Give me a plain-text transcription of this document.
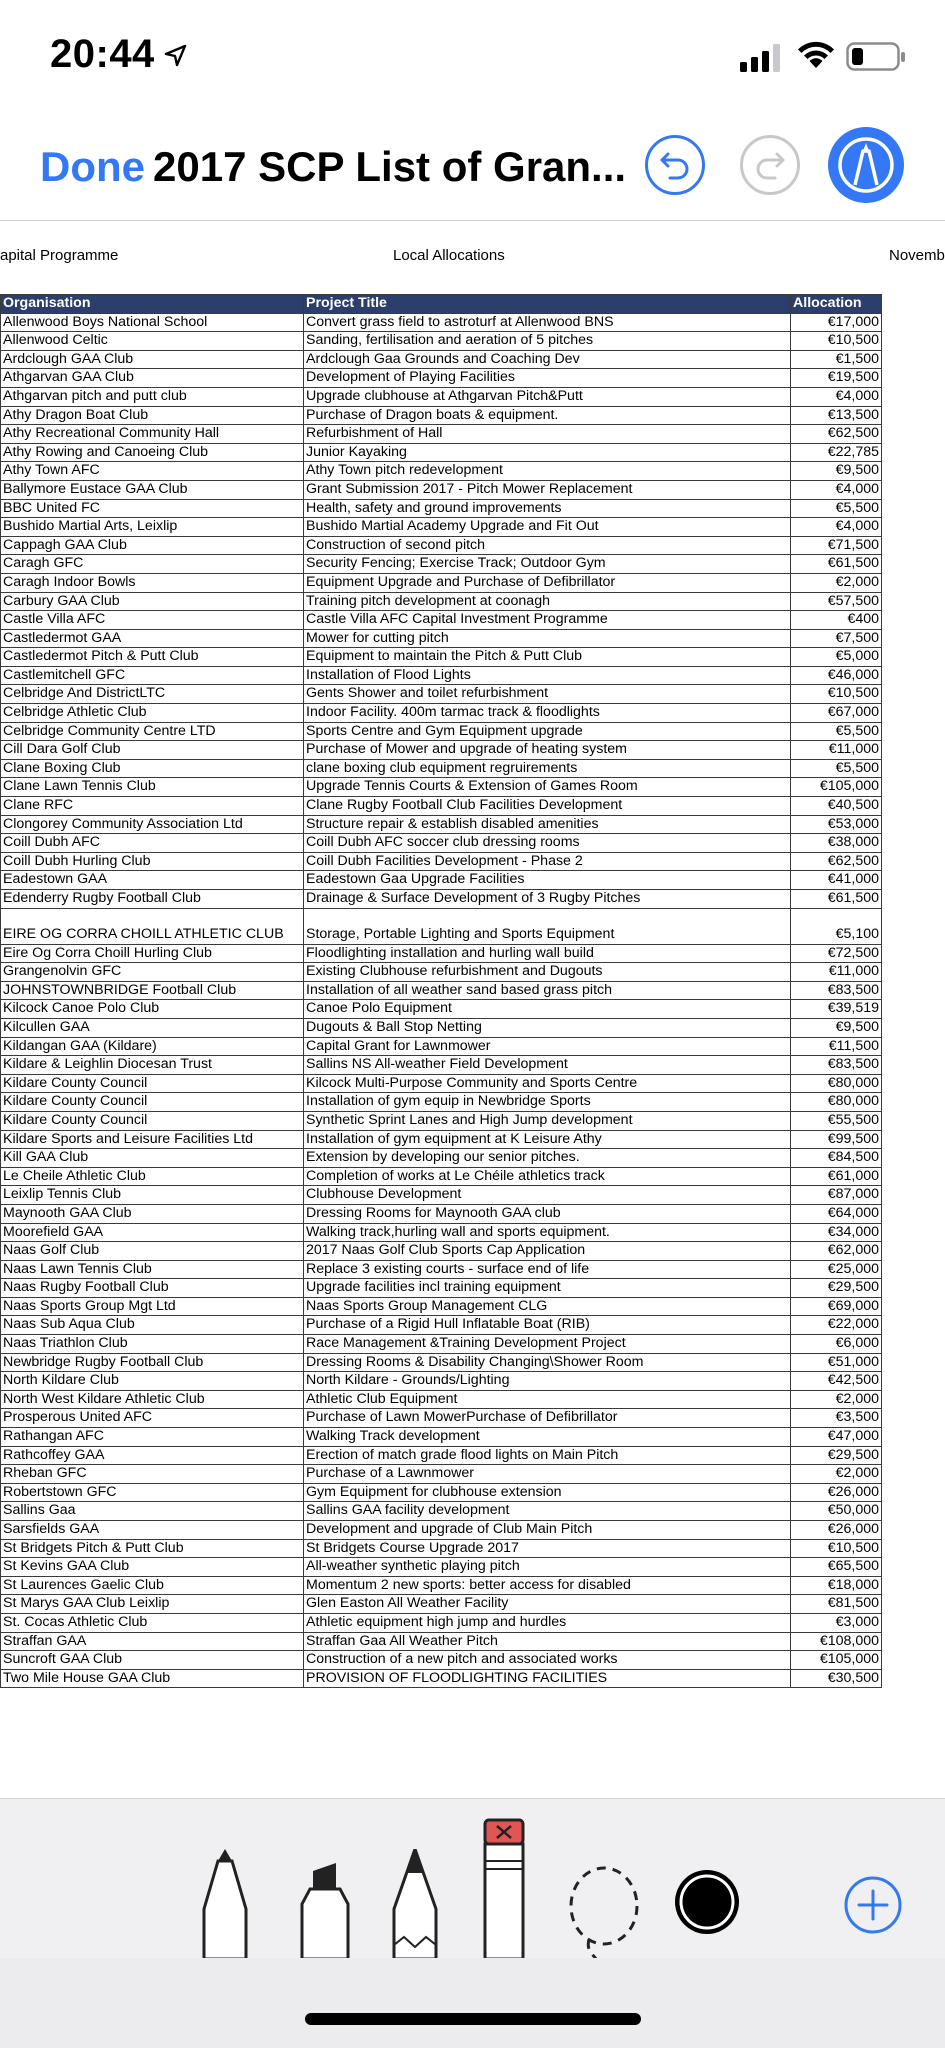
20:44
Done 2017 SCP List of Gran...
apital Programme	Local Allocations	Novemb
Organisation	Project Title	Allocation
Allenwood Boys National School	Convert grass field to astroturf at Allenwood BNS	€17,000
Allenwood Celtic	Sanding, fertilisation and aeration of 5 pitches	€10,500
Ardclough GAA Club	Ardclough Gaa Grounds and Coaching Dev	€1,500
Athgarvan GAA Club	Development of Playing Facilities	€19,500
Athgarvan pitch and putt club	Upgrade clubhouse at Athgarvan Pitch&Putt	€4,000
Athy Dragon Boat Club	Purchase of Dragon boats & equipment.	€13,500
Athy Recreational Community Hall	Refurbishment of Hall	€62,500
Athy Rowing and Canoeing Club	Junior Kayaking	€22,785
Athy Town AFC	Athy Town pitch redevelopment	€9,500
Ballymore Eustace GAA Club	Grant Submission 2017 - Pitch Mower Replacement	€4,000
BBC United FC	Health, safety and ground improvements	€5,500
Bushido Martial Arts, Leixlip	Bushido Martial Academy Upgrade and Fit Out	€4,000
Cappagh GAA Club	Construction of second pitch	€71,500
Caragh GFC	Security Fencing; Exercise Track; Outdoor Gym	€61,500
Caragh Indoor Bowls	Equipment Upgrade and Purchase of Defibrillator	€2,000
Carbury GAA Club	Training pitch development at coonagh	€57,500
Castle Villa AFC	Castle Villa AFC Capital Investment Programme	€400
Castledermot GAA	Mower for cutting pitch	€7,500
Castledermot Pitch & Putt Club	Equipment to maintain the Pitch & Putt Club	€5,000
Castlemitchell GFC	Installation of Flood Lights	€46,000
Celbridge And DistrictLTC	Gents Shower and toilet refurbishment	€10,500
Celbridge Athletic Club	Indoor Facility. 400m tarmac track & floodlights	€67,000
Celbridge Community Centre LTD	Sports Centre and Gym Equipment upgrade	€5,500
Cill Dara Golf Club	Purchase of Mower and upgrade of heating system	€11,000
Clane Boxing Club	clane boxing club equipment regruirements	€5,500
Clane Lawn Tennis Club	Upgrade Tennis Courts & Extension of Games Room	€105,000
Clane RFC	Clane Rugby Football Club Facilities Development	€40,500
Clongorey Community Association Ltd	Structure repair & establish disabled amenities	€53,000
Coill Dubh AFC	Coill Dubh AFC soccer club dressing rooms	€38,000
Coill Dubh Hurling Club	Coill Dubh Facilities Development - Phase 2	€62,500
Eadestown GAA	Eadestown Gaa Upgrade Facilities	€41,000
Edenderry Rugby Football Club	Drainage & Surface Development of 3 Rugby Pitches	€61,500
EIRE OG CORRA CHOILL ATHLETIC CLUB	Storage, Portable Lighting and Sports Equipment	€5,100
Eire Og Corra Choill Hurling Club	Floodlighting installation and hurling wall build	€72,500
Grangenolvin GFC	Existing Clubhouse refurbishment and Dugouts	€11,000
JOHNSTOWNBRIDGE Football Club	Installation of all weather sand based grass pitch	€83,500
Kilcock Canoe Polo Club	Canoe Polo Equipment	€39,519
Kilcullen GAA	Dugouts & Ball Stop Netting	€9,500
Kildangan GAA (Kildare)	Capital Grant for Lawnmower	€11,500
Kildare & Leighlin Diocesan Trust	Sallins NS All-weather Field Development	€83,500
Kildare County Council	Kilcock Multi-Purpose Community and Sports Centre	€80,000
Kildare County Council	Installation of gym equip in Newbridge Sports	€80,000
Kildare County Council	Synthetic Sprint Lanes and High Jump development	€55,500
Kildare Sports and Leisure Facilities Ltd	Installation of gym equipment at K Leisure Athy	€99,500
Kill GAA Club	Extension by developing our senior pitches.	€84,500
Le Cheile Athletic Club	Completion of works at Le Chéile athletics track	€61,000
Leixlip Tennis Club	Clubhouse Development	€87,000
Maynooth GAA Club	Dressing Rooms for Maynooth GAA club	€64,000
Moorefield GAA	Walking track,hurling wall and sports equipment.	€34,000
Naas Golf Club	2017 Naas Golf Club Sports Cap Application	€62,000
Naas Lawn Tennis Club	Replace 3 existing courts - surface end of life	€25,000
Naas Rugby Football Club	Upgrade facilities incl training equipment	€29,500
Naas Sports Group Mgt Ltd	Naas Sports Group Management CLG	€69,000
Naas Sub Aqua Club	Purchase of a Rigid Hull Inflatable Boat (RIB)	€22,000
Naas Triathlon Club	Race Management &Training Development Project	€6,000
Newbridge Rugby Football Club	Dressing Rooms & Disability Changing\Shower Room	€51,000
North Kildare Club	North Kildare - Grounds/Lighting	€42,500
North West Kildare Athletic Club	Athletic Club Equipment	€2,000
Prosperous United AFC	Purchase of Lawn MowerPurchase of Defibrillator	€3,500
Rathangan AFC	Walking Track development	€47,000
Rathcoffey GAA	Erection of match grade flood lights on Main Pitch	€29,500
Rheban GFC	Purchase of a Lawnmower	€2,000
Robertstown GFC	Gym Equipment for clubhouse extension	€26,000
Sallins Gaa	Sallins GAA facility development	€50,000
Sarsfields GAA	Development and upgrade of Club Main Pitch	€26,000
St Bridgets Pitch & Putt Club	St Bridgets Course Upgrade 2017	€10,500
St Kevins GAA Club	All-weather synthetic playing pitch	€65,500
St Laurences Gaelic Club	Momentum 2 new sports: better access for disabled	€18,000
St Marys GAA Club Leixlip	Glen Easton All Weather Facility	€81,500
St. Cocas Athletic Club	Athletic equipment high jump and hurdles	€3,000
Straffan GAA	Straffan Gaa All Weather Pitch	€108,000
Suncroft GAA Club	Construction of a new pitch and associated works	€105,000
Two Mile House GAA Club	PROVISION OF FLOODLIGHTING FACILITIES	€30,500
